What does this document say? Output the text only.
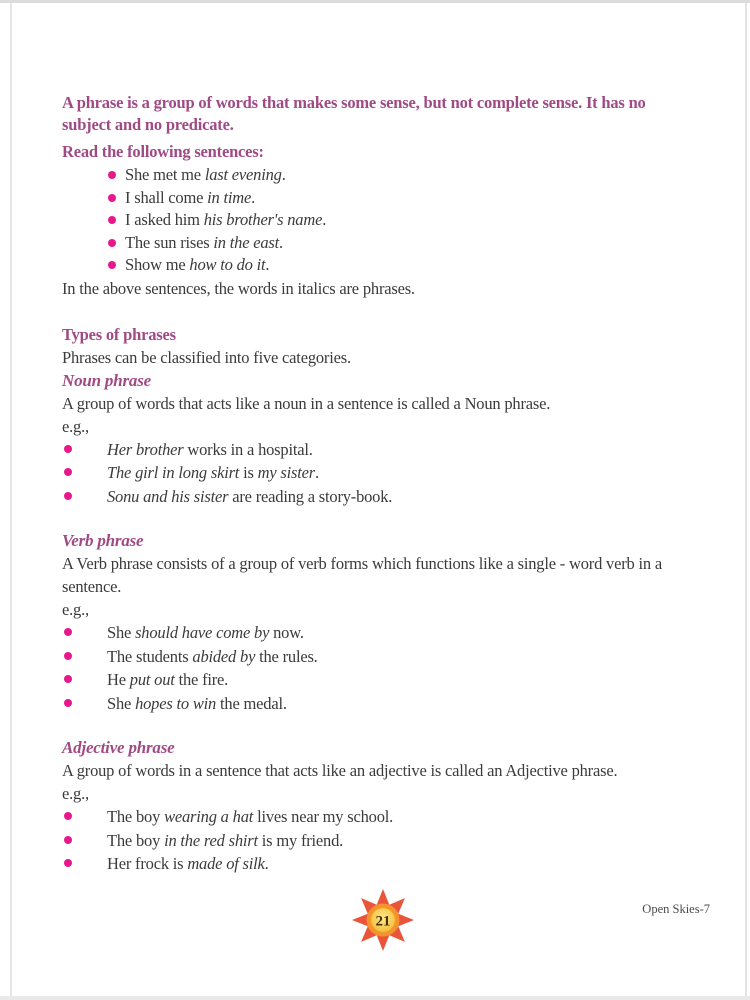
A phrase is a group of words that makes some sense, but not complete sense. It has no subject and no predicate.

Read the following sentences:

She met me last evening.
I shall come in time.
I asked him his brother's name.
The sun rises in the east.
Show me how to do it.

In the above sentences, the words in italics are phrases.

Types of phrases

Phrases can be classified into five categories.

Noun phrase

A group of words that acts like a noun in a sentence is called a Noun phrase.

e.g.,

Her brother works in a hospital.
The girl in long skirt is my sister.
Sonu and his sister are reading a story-book.
Verb phrase

A Verb phrase consists of a group of verb forms which functions like a single - word verb in a sentence.

e.g.,

She should have come by now.
The students abided by the rules.
He put out the fire.
She hopes to win the medal.
Adjective phrase

A group of words in a sentence that acts like an adjective is called an Adjective phrase.

e.g.,

The boy wearing a hat lives near my school.
The boy in the red shirt is my friend.
Her frock is made of silk.
21
Open Skies-7
